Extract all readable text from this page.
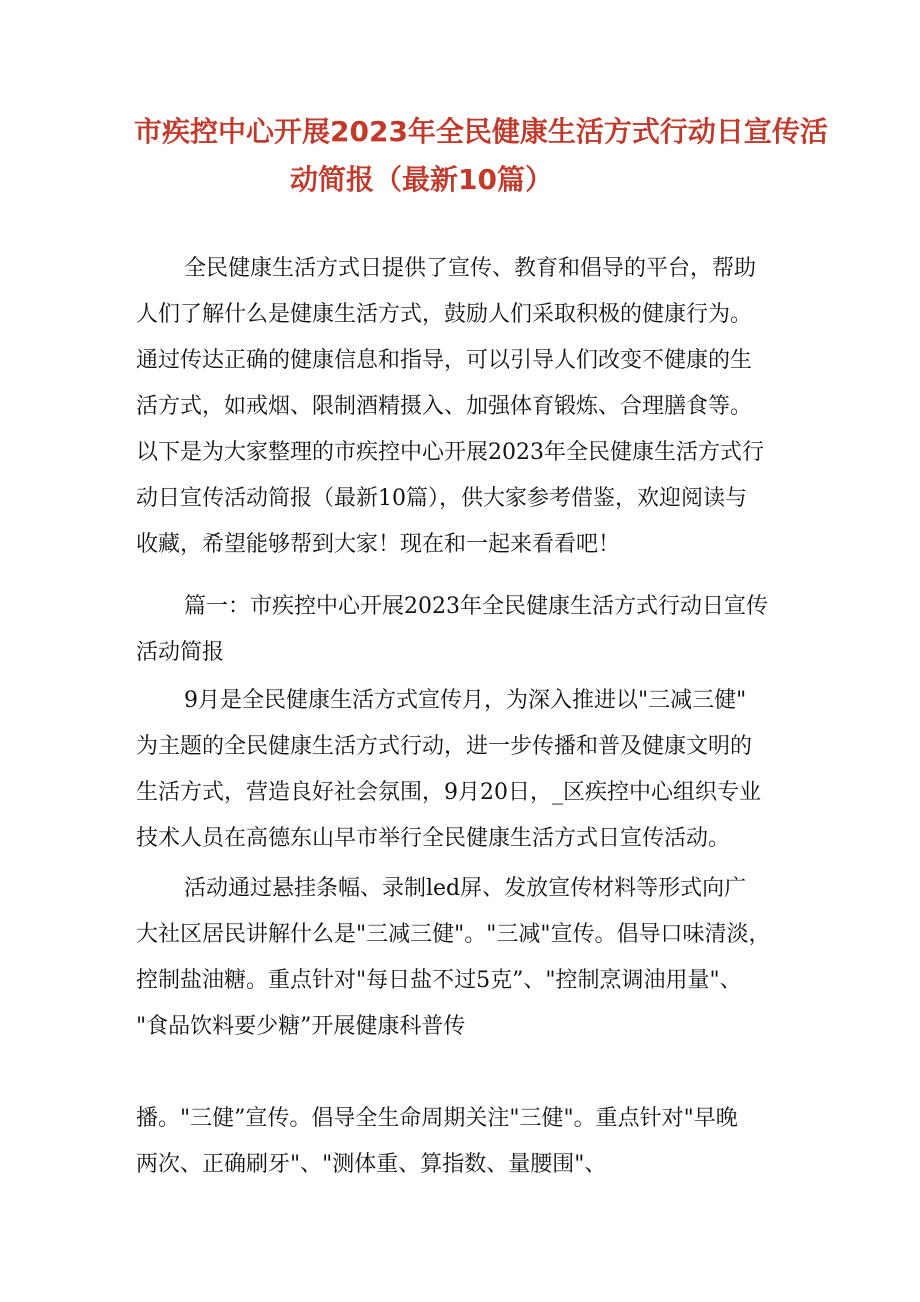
市疾控中心开展2023年全民健康生活方式行动日宣传活
动简报（最新10篇）
全民健康生活方式日提供了宣传、教育和倡导的平台，帮助
人们了解什么是健康生活方式，鼓励人们采取积极的健康行为。
通过传达正确的健康信息和指导，可以引导人们改变不健康的生
活方式，如戒烟、限制酒精摄入、加强体育锻炼、合理膳食等。
以下是为大家整理的市疾控中心开展2023年全民健康生活方式行
动日宣传活动简报（最新10篇），供大家参考借鉴，欢迎阅读与
收藏，希望能够帮到大家！现在和一起来看看吧！
篇一：市疾控中心开展2023年全民健康生活方式行动日宣传
活动简报
9月是全民健康生活方式宣传月，为深入推进以"三减三健"
为主题的全民健康生活方式行动，进一步传播和普及健康文明的
生活方式，营造良好社会氛围，9月20日，_区疾控中心组织专业
技术人员在高德东山早市举行全民健康生活方式日宣传活动。
活动通过悬挂条幅、录制led屏、发放宣传材料等形式向广
大社区居民讲解什么是"三减三健"。"三减"宣传。倡导口味清淡，
控制盐油糖。重点针对"每日盐不过5克”、"控制烹调油用量"、
"食品饮料要少糖”开展健康科普传
播。"三健”宣传。倡导全生命周期关注"三健"。重点针对"早晚
两次、正确刷牙"、"测体重、算指数、量腰围"、
